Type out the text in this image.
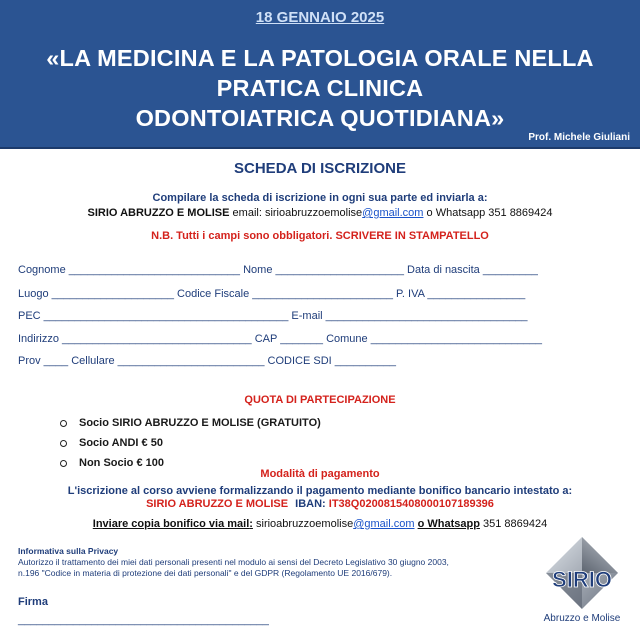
18 GENNAIO 2025
«LA MEDICINA E LA PATOLOGIA ORALE NELLA
PRATICA CLINICA
ODONTOIATRICA QUOTIDIANA»
Prof. Michele Giuliani
SCHEDA DI ISCRIZIONE
Compilare la scheda di iscrizione in ogni sua parte ed inviarla a:
SIRIO ABRUZZO E MOLISE email: sirioabruzzoemolise@gmail.com o Whatsapp 351 8869424
N.B. Tutti i campi sono obbligatori. SCRIVERE IN STAMPATELLO
Cognome ____________________________ Nome _____________________ Data di nascita _________
Luogo ____________________ Codice Fiscale _______________________ P. IVA ________________
PEC ________________________________________ E-mail _________________________________
Indirizzo _______________________________ CAP _______ Comune ____________________________
Prov ____ Cellulare ________________________ CODICE SDI __________
QUOTA DI PARTECIPAZIONE
Socio SIRIO ABRUZZO E MOLISE (GRATUITO)
Socio ANDI € 50
Non Socio € 100
Modalità di pagamento
L'iscrizione al corso avviene formalizzando il pagamento mediante bonifico bancario intestato a:
SIRIO ABRUZZO E MOLISE IBAN: IT38Q0200815408000107189396
Inviare copia bonifico via mail: sirioabruzzoemolise@gmail.com o Whatsapp 351 8869424
Informativa sulla Privacy
Autorizzo il trattamento dei miei dati personali presenti nel modulo ai sensi del Decreto Legislativo 30 giugno 2003,
n.196 "Codice in materia di protezione dei dati personali" e del GDPR (Regolamento UE 2016/679).
Firma
_________________________________________
SIRIO
Abruzzo e Molise
